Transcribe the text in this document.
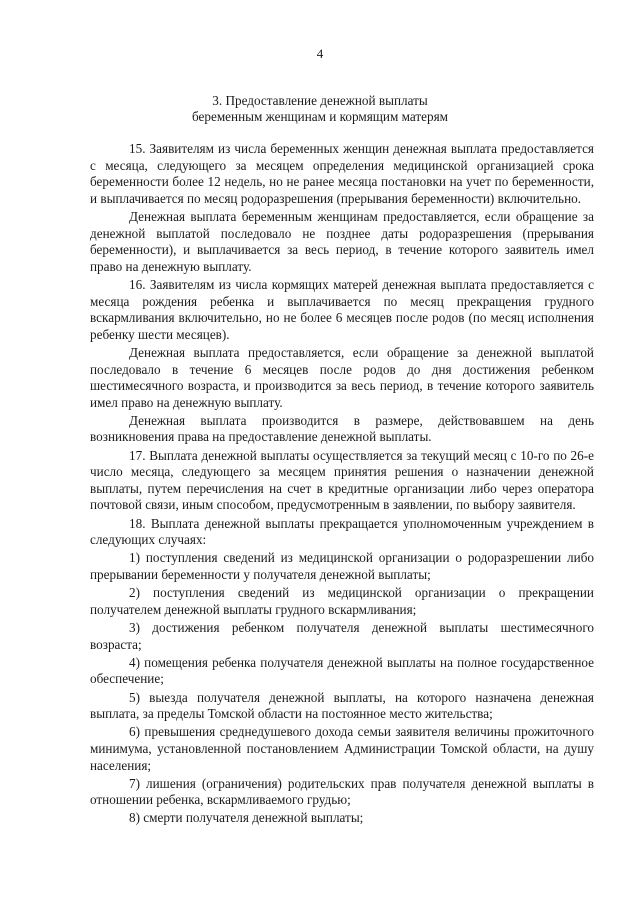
4
3. Предоставление денежной выплаты
беременным женщинам и кормящим матерям

15. Заявителям из числа беременных женщин денежная выплата предоставляется с месяца, следующего за месяцем определения медицинской организацией срока беременности более 12 недель, но не ранее месяца постановки на учет по беременности, и выплачивается по месяц родоразрешения (прерывания беременности) включительно.

Денежная выплата беременным женщинам предоставляется, если обращение за денежной выплатой последовало не позднее даты родоразрешения (прерывания беременности), и выплачивается за весь период, в течение которого заявитель имел право на денежную выплату.

16. Заявителям из числа кормящих матерей денежная выплата предоставляется с месяца рождения ребенка и выплачивается по месяц прекращения грудного вскармливания включительно, но не более 6 месяцев после родов (по месяц исполнения ребенку шести месяцев).

Денежная выплата предоставляется, если обращение за денежной выплатой последовало в течение 6 месяцев после родов до дня достижения ребенком шестимесячного возраста, и производится за весь период, в течение которого заявитель имел право на денежную выплату.

Денежная выплата производится в размере, действовавшем на день возникновения права на предоставление денежной выплаты.

17. Выплата денежной выплаты осуществляется за текущий месяц с 10-го по 26-е число месяца, следующего за месяцем принятия решения о назначении денежной выплаты, путем перечисления на счет в кредитные организации либо через оператора почтовой связи, иным способом, предусмотренным в заявлении, по выбору заявителя.

18. Выплата денежной выплаты прекращается уполномоченным учреждением в следующих случаях:

1) поступления сведений из медицинской организации о родоразрешении либо прерывании беременности у получателя денежной выплаты;

2) поступления сведений из медицинской организации о прекращении получателем денежной выплаты грудного вскармливания;

3) достижения ребенком получателя денежной выплаты шестимесячного возраста;

4) помещения ребенка получателя денежной выплаты на полное государственное обеспечение;

5) выезда получателя денежной выплаты, на которого назначена денежная выплата, за пределы Томской области на постоянное место жительства;

6) превышения среднедушевого дохода семьи заявителя величины прожиточного минимума, установленной постановлением Администрации Томской области, на душу населения;

7) лишения (ограничения) родительских прав получателя денежной выплаты в отношении ребенка, вскармливаемого грудью;

8) смерти получателя денежной выплаты;
